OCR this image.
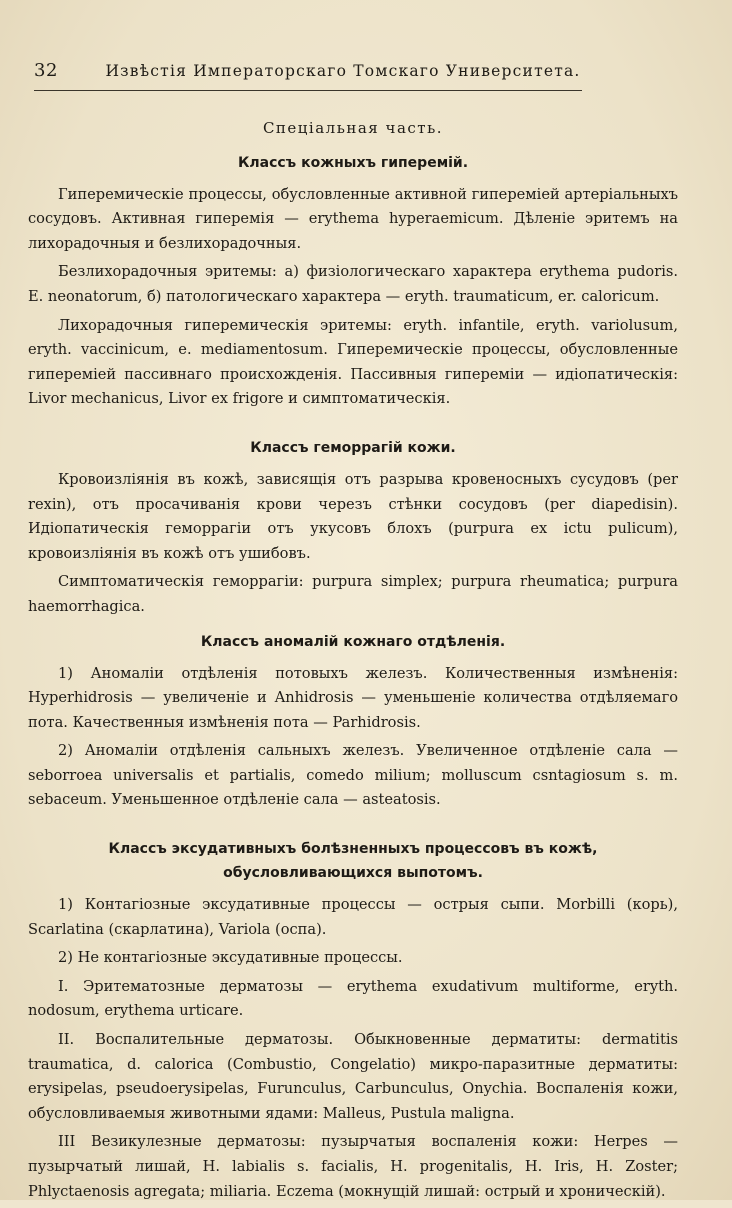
32	Извѣстія Императорскаго Томскаго Университета.
Спеціальная часть.
Классъ кожныхъ гиперемій.

Гиперемическіе процессы, обусловленные активной гиперемiей артеріальныхъ сосудовъ. Активная гиперемія — erythema hyperaemicum. Дѣленіе эритемъ на лихорадочныя и безлихорадочныя.

Безлихорадочныя эритемы: a) физіологическаго характера erythema pudoris. E. neonatorum, б) патологическаго характера — eryth. traumaticum, er. caloricum.

Лихорадочныя гиперемическія эритемы: eryth. infantile, eryth. variolusum, eryth. vaccinicum, e. mediamentosum. Гиперемическіе процессы, обусловленные гиперемiей пассивнаго происхожденія. Пассивныя гипереміи — идіопатическія: Livor mechanicus, Livor ex frigore и симптоматическія.

Классъ геморрагій кожи.

Кровоизлiянія въ кожѣ, зависящія отъ разрыва кровеносныхъ сусудовъ (per rexin), отъ просачиванія крови черезъ стѣнки сосудовъ (per diapedisin). Идіопатическія геморрагіи отъ укусовъ блохъ (purpura ex ictu pulicum), кровоизлiянія въ кожѣ отъ ушибовъ.

Симптоматическія геморрагіи: purpura simplex; purpura rheumatica; purpura haemorrhagica.

Классъ аномалій кожнаго отдѣленія.

1) Аномаліи отдѣленія потовыхъ железъ. Количественныя измѣненія: Hyperhidrosis — увеличеніе и Anhidrosis — уменьшеніе количества отдѣляемаго пота. Качественныя измѣненія пота — Parhidrosis.

2) Аномаліи отдѣленія сальныхъ железъ. Увеличенное отдѣленіе сала — seborroea universalis et partialis, comedo milium; molluscum csntagiosum s. m. sebaceum. Уменьшенное отдѣленіе сала — asteatosis.

Классъ эксудативныхъ болѣзненныхъ процессовъ въ кожѣ, обусловливающихся выпотомъ.

1) Контагіозные эксудативные процессы — острыя сыпи. Morbilli (корь), Scarlatina (скарлатина), Variola (оспа).

2) Не контагіозные эксудативные процессы.

I. Эритематозные дерматозы — erythema exudativum multiforme, eryth. nodosum, erythema urticare.

II. Воспалительные дерматозы. Обыкновенные дерматиты: dermatitis traumatica, d. calorica (Combustio, Congelatio) микро-паразитные дерматиты: erysipelas, pseudoerysipelas, Furunculus, Carbunculus, Onychia. Воспаленія кожи, обусловливаемыя животными ядами: Malleus, Pustula maligna.

III Везикулезные дерматозы: пузырчатыя воспаленія кожи: Herpes — пузырчатый лишай, H. labialis s. facialis, H. progenitalis, H. Iris, H. Zoster; Phlyctaenosis agregata; miliaria. Eczema (мокнущій лишай: острый и хроническій).
